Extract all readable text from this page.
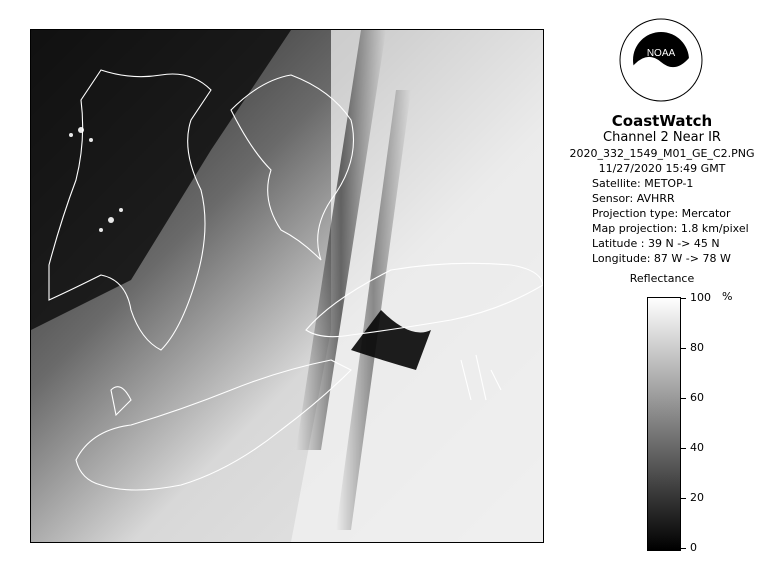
NOAA
CoastWatch
Channel 2 Near IR
2020_332_1549_M01_GE_C2.PNG
11/27/2020 15:49 GMT
Satellite: METOP-1
Sensor: AVHRR
Projection type: Mercator
Map projection: 1.8 km/pixel
Latitude : 39 N -> 45 N
Longitude: 87 W -> 78 W
Reflectance
%
100
80
60
40
20
0
